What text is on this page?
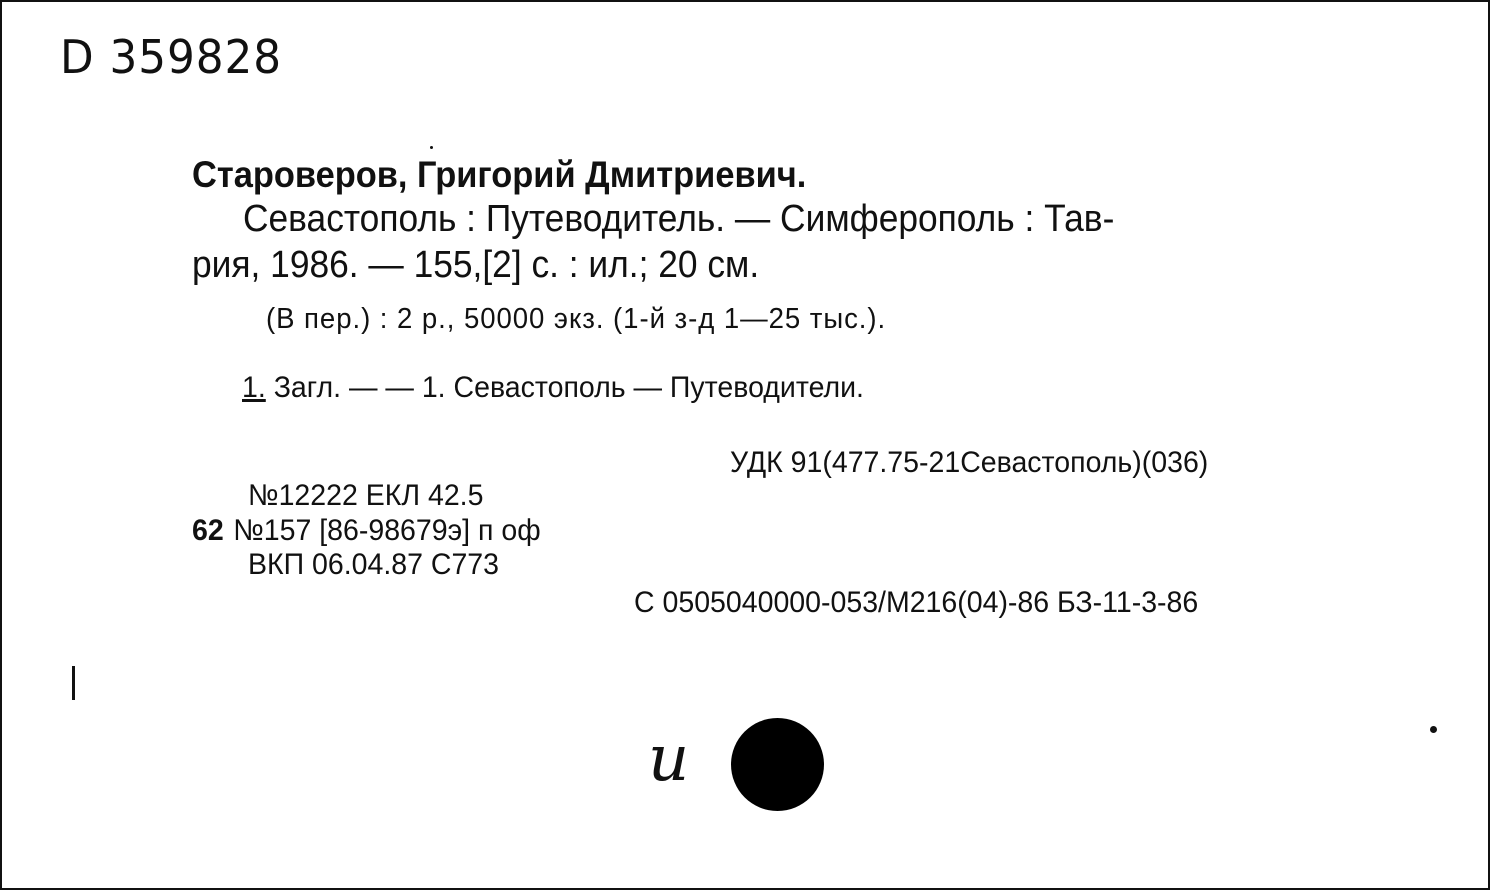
D 359828
Староверов, Григорий Дмитриевич.
Севастополь : Путеводитель. — Симферополь : Тав-
рия, 1986. — 155,[2] с. : ил.; 20 см.
(В пер.) : 2 р., 50000 экз. (1-й з-д 1—25 тыс.).
1. Загл. — — 1. Севастополь — Путеводители.
УДК 91(477.75-21Севастополь)(036)
№12222 ЕКЛ 42.5
62 №157 [86-98679э] п оф
ВКП 06.04.87 С773
С 0505040000-053/М216(04)-86 БЗ-11-3-86
и
